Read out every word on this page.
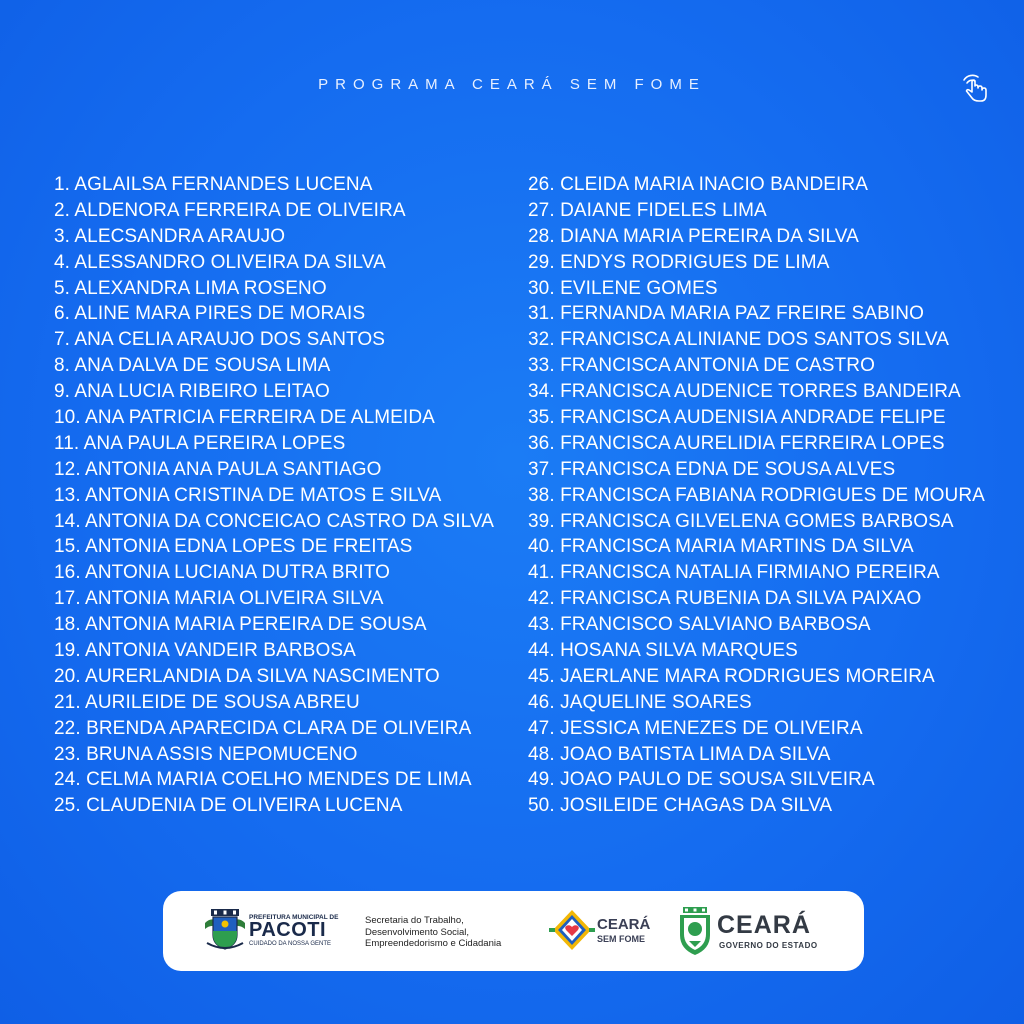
PROGRAMA CEARÁ SEM FOME
1. AGLAILSA FERNANDES LUCENA
2. ALDENORA FERREIRA DE OLIVEIRA
3. ALECSANDRA ARAUJO
4. ALESSANDRO OLIVEIRA DA SILVA
5. ALEXANDRA LIMA ROSENO
6. ALINE MARA PIRES DE MORAIS
7. ANA CELIA ARAUJO DOS SANTOS
8. ANA DALVA DE SOUSA LIMA
9. ANA LUCIA RIBEIRO LEITAO
10. ANA PATRICIA FERREIRA DE ALMEIDA
11. ANA PAULA PEREIRA LOPES
12. ANTONIA ANA PAULA SANTIAGO
13. ANTONIA CRISTINA DE MATOS E SILVA
14. ANTONIA DA CONCEICAO CASTRO DA SILVA
15. ANTONIA EDNA LOPES DE FREITAS
16. ANTONIA LUCIANA DUTRA BRITO
17. ANTONIA MARIA OLIVEIRA SILVA
18. ANTONIA MARIA PEREIRA DE SOUSA
19. ANTONIA VANDEIR BARBOSA
20. AURERLANDIA DA SILVA NASCIMENTO
21. AURILEIDE DE SOUSA ABREU
22. BRENDA APARECIDA CLARA DE OLIVEIRA
23. BRUNA ASSIS NEPOMUCENO
24. CELMA MARIA COELHO MENDES DE LIMA
25. CLAUDENIA DE OLIVEIRA LUCENA
26. CLEIDA MARIA INACIO BANDEIRA
27. DAIANE FIDELES LIMA
28. DIANA MARIA PEREIRA DA SILVA
29. ENDYS RODRIGUES DE LIMA
30. EVILENE GOMES
31. FERNANDA MARIA PAZ FREIRE SABINO
32. FRANCISCA ALINIANE DOS SANTOS SILVA
33. FRANCISCA ANTONIA DE CASTRO
34. FRANCISCA AUDENICE TORRES BANDEIRA
35. FRANCISCA AUDENISIA ANDRADE FELIPE
36. FRANCISCA AURELIDIA FERREIRA LOPES
37. FRANCISCA EDNA DE SOUSA ALVES
38. FRANCISCA FABIANA RODRIGUES DE MOURA
39. FRANCISCA GILVELENA GOMES BARBOSA
40. FRANCISCA MARIA MARTINS DA SILVA
41. FRANCISCA NATALIA FIRMIANO PEREIRA
42. FRANCISCA RUBENIA DA SILVA PAIXAO
43. FRANCISCO SALVIANO BARBOSA
44. HOSANA SILVA MARQUES
45. JAERLANE MARA RODRIGUES MOREIRA
46. JAQUELINE SOARES
47. JESSICA MENEZES DE OLIVEIRA
48. JOAO BATISTA LIMA DA SILVA
49. JOAO PAULO DE SOUSA SILVEIRA
50. JOSILEIDE CHAGAS DA SILVA
PREFEITURA MUNICIPAL DE
PACOTI
CUIDADO DA NOSSA GENTE
Secretaria do Trabalho,
Desenvolvimento Social,
Empreendedorismo e Cidadania
CEARÁ
SEM FOME	CEARÁ
GOVERNO DO ESTADO
